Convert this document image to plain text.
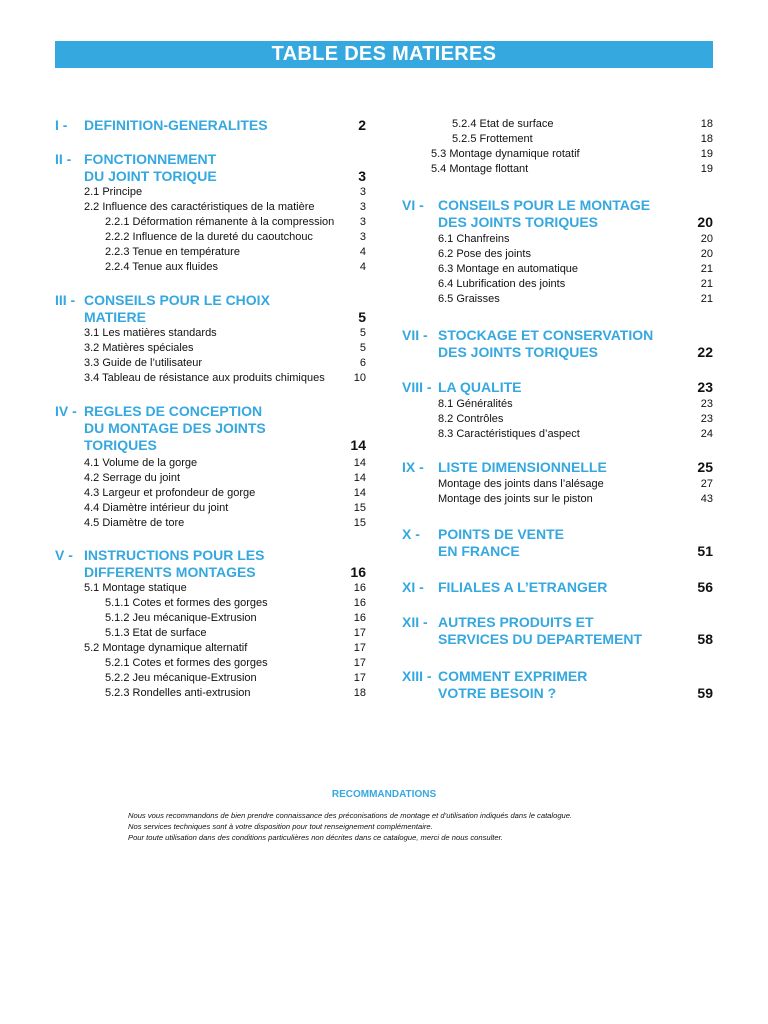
TABLE DES MATIERES
I -	DEFINITION-GENERALITES	2
II - FONCTIONNEMENT
DU JOINT TORIQUE	3
2.1 Principe	3
2.2 Influence des caractéristiques de la matière	3
2.2.1 Déformation rémanente à la compression 3
2.2.2 Influence de la dureté du caoutchouc	3
2.2.3 Tenue en température	4
2.2.4 Tenue aux fluides	4
III - CONSEILS POUR LE CHOIX
MATIERE	5
3.1 Les matières standards	5
3.2 Matières spéciales	5
3.3 Guide de l’utilisateur	6
3.4 Tableau de résistance aux produits chimiques	10
IV - REGLES DE CONCEPTION
DU MONTAGE DES JOINTS
TORIQUES	14
4.1 Volume de la gorge	14
4.2 Serrage du joint	14
4.3 Largeur et profondeur de gorge	14
4.4 Diamètre intérieur du joint	15
4.5 Diamètre de tore	15
V - INSTRUCTIONS POUR LES
DIFFERENTS MONTAGES	16
5.1 Montage statique	16
5.1.1 Cotes et formes des gorges	16
5.1.2 Jeu mécanique-Extrusion	16
5.1.3 Etat de surface	17
5.2 Montage dynamique alternatif	17
5.2.1 Cotes et formes des gorges	17
5.2.2 Jeu mécanique-Extrusion	17
5.2.3 Rondelles anti-extrusion	18
5.2.4 Etat de surface	18
5.2.5 Frottement	18
5.3 Montage dynamique rotatif	19
5.4 Montage flottant	19
VI -	CONSEILS POUR LE MONTAGE
DES JOINTS TORIQUES	20
6.1 Chanfreins	20
6.2 Pose des joints	20
6.3 Montage en automatique	21
6.4 Lubrification des joints	21
6.5 Graisses	21
VII - STOCKAGE ET CONSERVATION
DES JOINTS TORIQUES	22
VIII - LA QUALITE	23
8.1 Généralités	23
8.2 Contrôles	23
8.3 Caractéristiques d’aspect	24
IX -	LISTE DIMENSIONNELLE	25
Montage des joints dans l’alésage	27
Montage des joints sur le piston	43
X -	POINTS DE VENTE
EN FRANCE	51
XI -	FILIALES A L’ETRANGER	56
XII - AUTRES PRODUITS ET
SERVICES DU DEPARTEMENT	58
XIII - COMMENT EXPRIMER
VOTRE BESOIN ?	59
RECOMMANDATIONS
Nous vous recommandons de bien prendre connaissance des préconisations de montage et d’utilisation indiqués dans le catalogue.
Nos services techniques sont à votre disposition pour tout renseignement complémentaire.
Pour toute utilisation dans des conditions particulières non décrites dans ce catalogue, merci de nous consulter.
